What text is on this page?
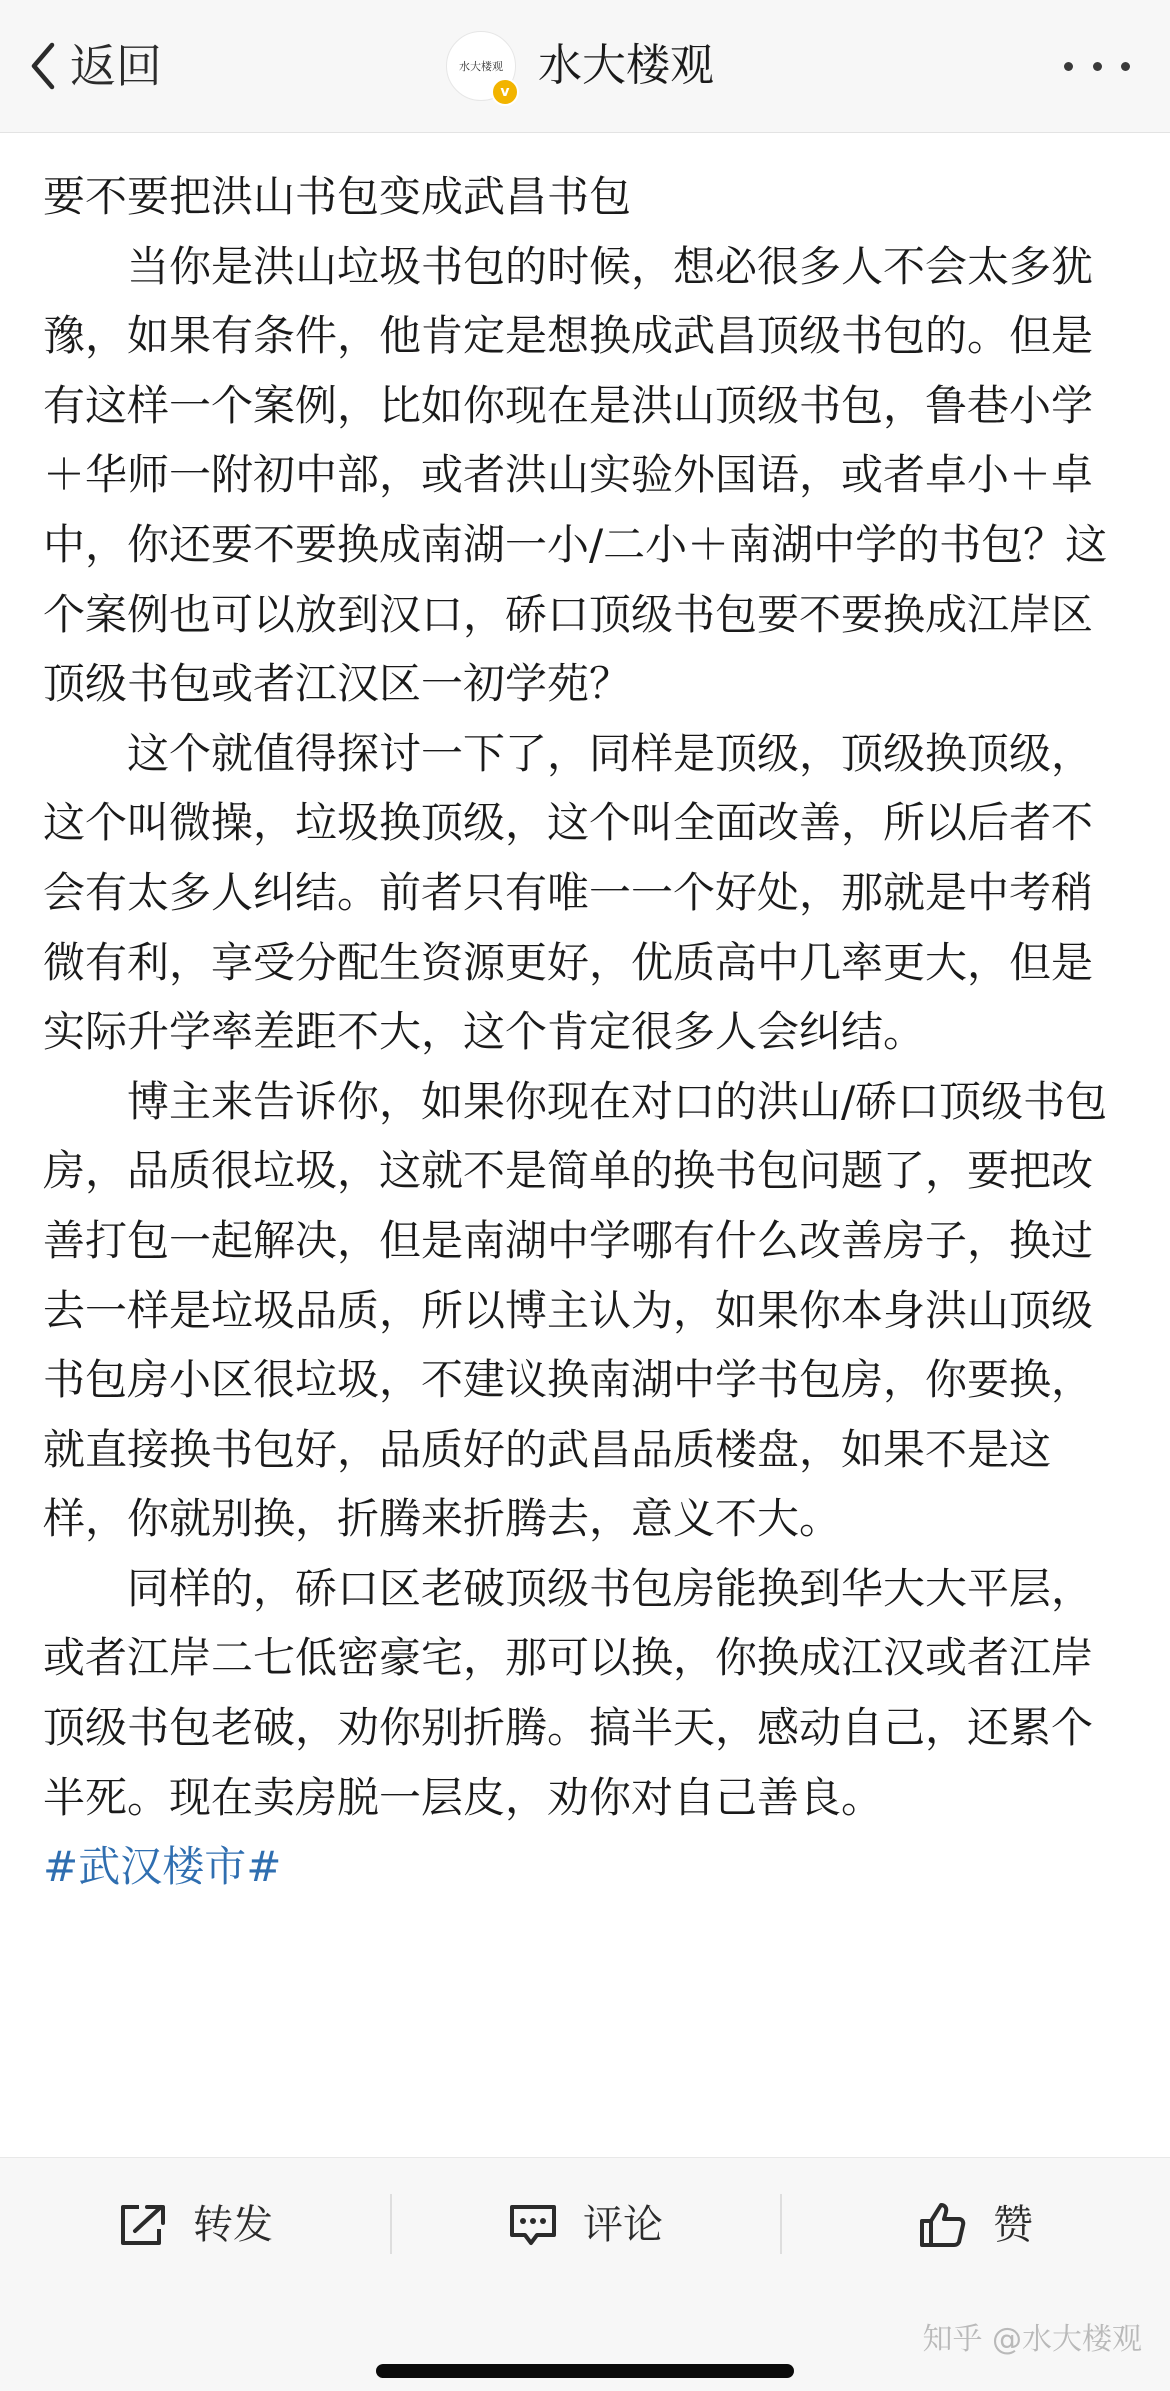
返回	水大楼观
v
水大楼观

要不要把洪山书包变成武昌书包

当你是洪山垃圾书包的时候，想必很多人不会太多犹豫，如果有条件，他肯定是想换成武昌顶级书包的。但是有这样一个案例，比如你现在是洪山顶级书包，鲁巷小学＋华师一附初中部，或者洪山实验外国语，或者卓小＋卓中，你还要不要换成南湖一小/二小＋南湖中学的书包？这个案例也可以放到汉口，硚口顶级书包要不要换成江岸区顶级书包或者江汉区一初学苑？

这个就值得探讨一下了，同样是顶级，顶级换顶级，这个叫微操，垃圾换顶级，这个叫全面改善，所以后者不会有太多人纠结。前者只有唯一一个好处，那就是中考稍微有利，享受分配生资源更好，优质高中几率更大，但是实际升学率差距不大，这个肯定很多人会纠结。

博主来告诉你，如果你现在对口的洪山/硚口顶级书包房，品质很垃圾，这就不是简单的换书包问题了，要把改善打包一起解决，但是南湖中学哪有什么改善房子，换过去一样是垃圾品质，所以博主认为，如果你本身洪山顶级书包房小区很垃圾，不建议换南湖中学书包房，你要换，就直接换书包好，品质好的武昌品质楼盘，如果不是这样，你就别换，折腾来折腾去，意义不大。

同样的，硚口区老破顶级书包房能换到华大大平层，或者江岸二七低密豪宅，那可以换，你换成江汉或者江岸顶级书包老破，劝你别折腾。搞半天，感动自己，还累个半死。现在卖房脱一层皮，劝你对自己善良。

#武汉楼市#

转发	评论	赞
知乎 @水大楼观
